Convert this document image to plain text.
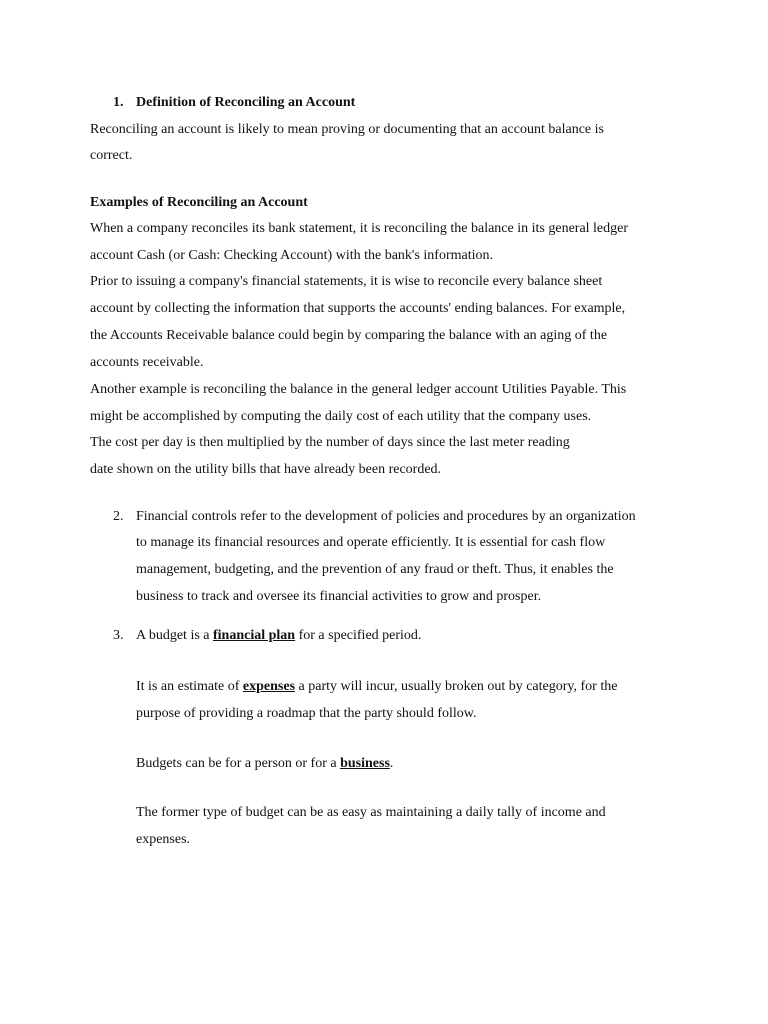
1. Definition of Reconciling an Account
Reconciling an account is likely to mean proving or documenting that an account balance is
correct.
Examples of Reconciling an Account
When a company reconciles its bank statement, it is reconciling the balance in its general ledger
account Cash (or Cash: Checking Account) with the bank's information.
Prior to issuing a company's financial statements, it is wise to reconcile every balance sheet
account by collecting the information that supports the accounts' ending balances. For example,
the Accounts Receivable balance could begin by comparing the balance with an aging of the
accounts receivable.
Another example is reconciling the balance in the general ledger account Utilities Payable. This
might be accomplished by computing the daily cost of each utility that the company uses.
The cost per day is then multiplied by the number of days since the last meter reading
date shown on the utility bills that have already been recorded.
2. Financial controls refer to the development of policies and procedures by an organization
to manage its financial resources and operate efficiently. It is essential for cash flow
management, budgeting, and the prevention of any fraud or theft. Thus, it enables the
business to track and oversee its financial activities to grow and prosper.
3. A budget is a financial plan for a specified period.
It is an estimate of expenses a party will incur, usually broken out by category, for the
purpose of providing a roadmap that the party should follow.
Budgets can be for a person or for a business.
The former type of budget can be as easy as maintaining a daily tally of income and
expenses.
